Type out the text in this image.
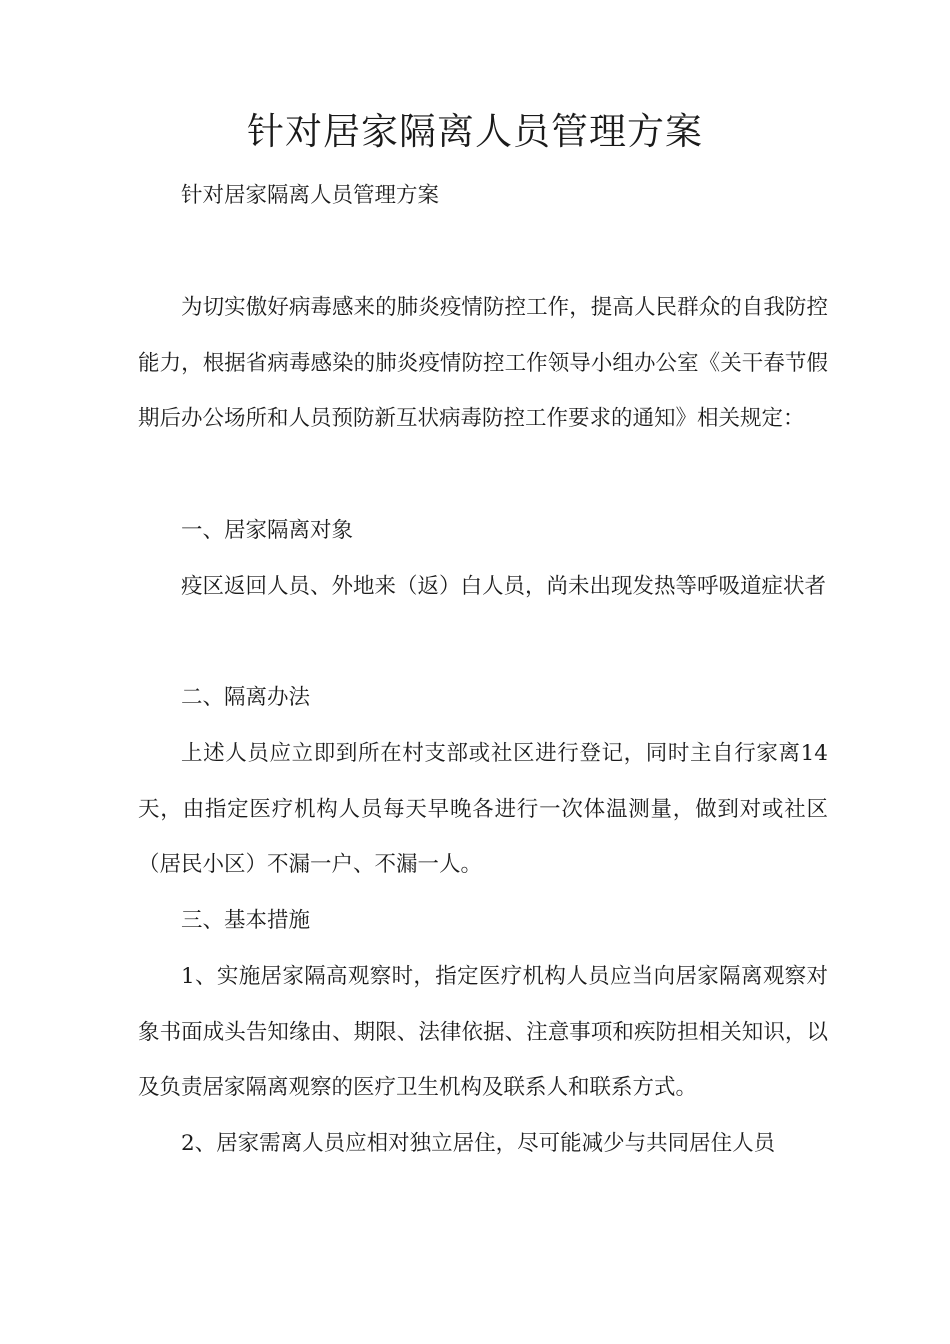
针对居家隔离人员管理方案

针对居家隔离人员管理方案

为切实傲好病毒感来的肺炎疫情防控工作，提高人民群众的自我防控能力，根据省病毒感染的肺炎疫情防控工作领导小组办公室《关干春节假期后办公场所和人员预防新互状病毒防控工作要求的通知》相关规定：

一、居家隔离对象

疫区返回人员、外地来（返）白人员，尚未出现发热等呼吸道症状者

二、隔离办法

上述人员应立即到所在村支部或社区进行登记，同时主自行家离14天，由指定医疗机构人员每天早晚各进行一次体温测量，做到对或社区（居民小区）不漏一户、不漏一人。

三、基本措施

1、实施居家隔高观察时，指定医疗机构人员应当向居家隔离观察对象书面成头告知缘由、期限、法律依据、注意事项和疾防担相关知识，以及负责居家隔离观察的医疗卫生机构及联系人和联系方式。

2、居家需离人员应相对独立居住，尽可能减少与共同居住人员
